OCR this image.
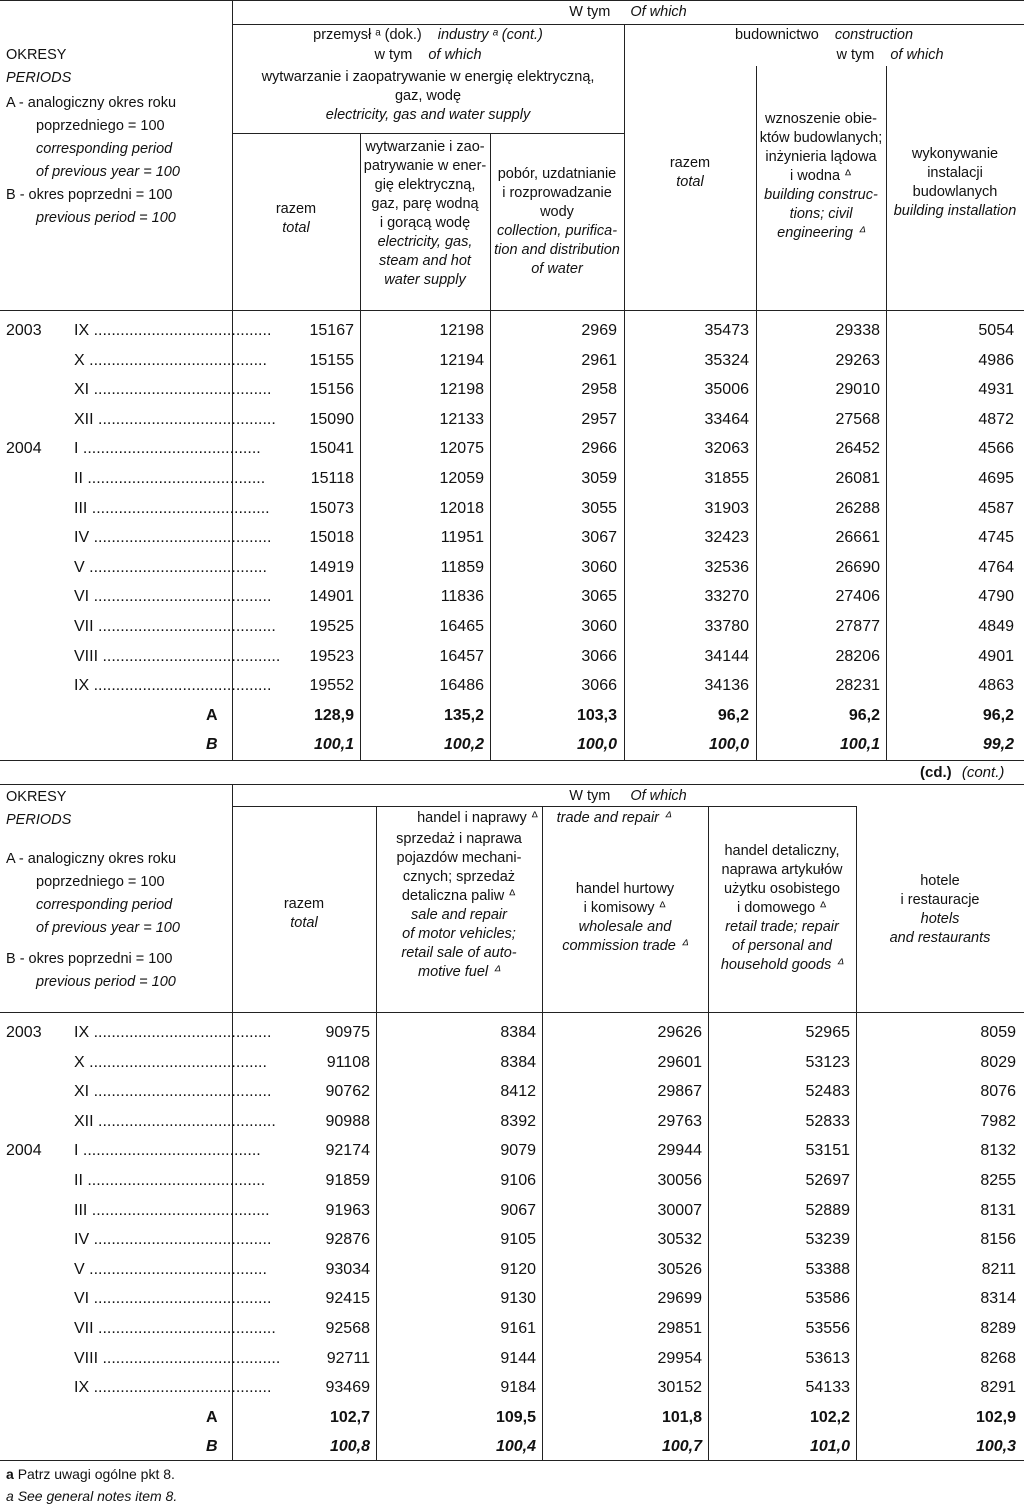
OKRESY
PERIODS
A - analogiczny okres roku
poprzedniego = 100
corresponding period
of previous year = 100
B - okres poprzedni = 100
previous period = 100
W tym Of which
przemysł ᵃ (dok.) industry ᵃ (cont.)
w tym of which
wytwarzanie i zaopatrywanie w energię elektryczną,
gaz, wodę
electricity, gas and water supply
razem
total
wytwarzanie i zao-
patrywanie w ener-
gię elektryczną,
gaz, parę wodną
i gorącą wodę
electricity, gas,
steam and hot
water supply
pobór, uzdatnianie
i rozprowadzanie
wody
collection, purifica-
tion and distribution
of water
budownictwo construction
w tym of which
razem
total
wznoszenie obie-
któw budowlanych;
inżynieria lądowa
i wodna ᐞ
building construc-
tions; civil
engineering ᐞ
wykonywanie
instalacji
budowlanych
building installation
2003 IX ........................................ 15167	12198	2969	35473	29338	5054
X ........................................	15155	12194	2961	35324	29263	4986
XI ........................................ 15156	12198	2958	35006	29010	4931
XII ........................................ 15090	12133	2957	33464	27568	4872
2004 I ........................................	15041	12075	2966	32063	26452	4566
II ........................................	15118	12059	3059	31855	26081	4695
III ........................................ 15073	12018	3055	31903	26288	4587
IV ........................................ 15018	11951	3067	32423	26661	4745
V ........................................	14919	11859	3060	32536	26690	4764
VI ........................................ 14901	11836	3065	33270	27406	4790
VII ........................................ 19525	16465	3060	33780	27877	4849
VIII ........................................ 19523	16457	3066	34144	28206	4901
IX ........................................ 19552	16486	3066	34136	28231	4863
A	128,9	135,2	103,3	96,2	96,2	96,2
B	100,1	100,2	100,0	100,0	100,1	99,2
(cd.) (cont.)
OKRESY
PERIODS
A - analogiczny okres roku
poprzedniego = 100
corresponding period
of previous year = 100
B - okres poprzedni = 100
previous period = 100
W tym Of which
handel i naprawy ᐞ trade and repair ᐞ
razem
total
sprzedaż i naprawa
pojazdów mechani-
cznych; sprzedaż
detaliczna paliw ᐞ
sale and repair
of motor vehicles;
retail sale of auto-
motive fuel ᐞ
handel hurtowy
i komisowy ᐞ
wholesale and
commission trade ᐞ
handel detaliczny,
naprawa artykułów
użytku osobistego
i domowego ᐞ
retail trade; repair
of personal and
household goods ᐞ
hotele
i restauracje
hotels
and restaurants
2003 IX ........................................	90975	8384	29626	52965	8059
X ........................................	91108	8384	29601	53123	8029
XI ........................................	90762	8412	29867	52483	8076
XII ........................................	90988	8392	29763	52833	7982
2004 I ........................................	92174	9079	29944	53151	8132
II ........................................	91859	9106	30056	52697	8255
III ........................................	91963	9067	30007	52889	8131
IV ........................................	92876	9105	30532	53239	8156
V ........................................	93034	9120	30526	53388	8211
VI ........................................	92415	9130	29699	53586	8314
VII ........................................	92568	9161	29851	53556	8289
VIII ........................................	92711	9144	29954	53613	8268
IX ........................................	93469	9184	30152	54133	8291
A	102,7	109,5	101,8	102,2	102,9
B	100,8	100,4	100,7	101,0	100,3
a Patrz uwagi ogólne pkt 8.
a See general notes item 8.
